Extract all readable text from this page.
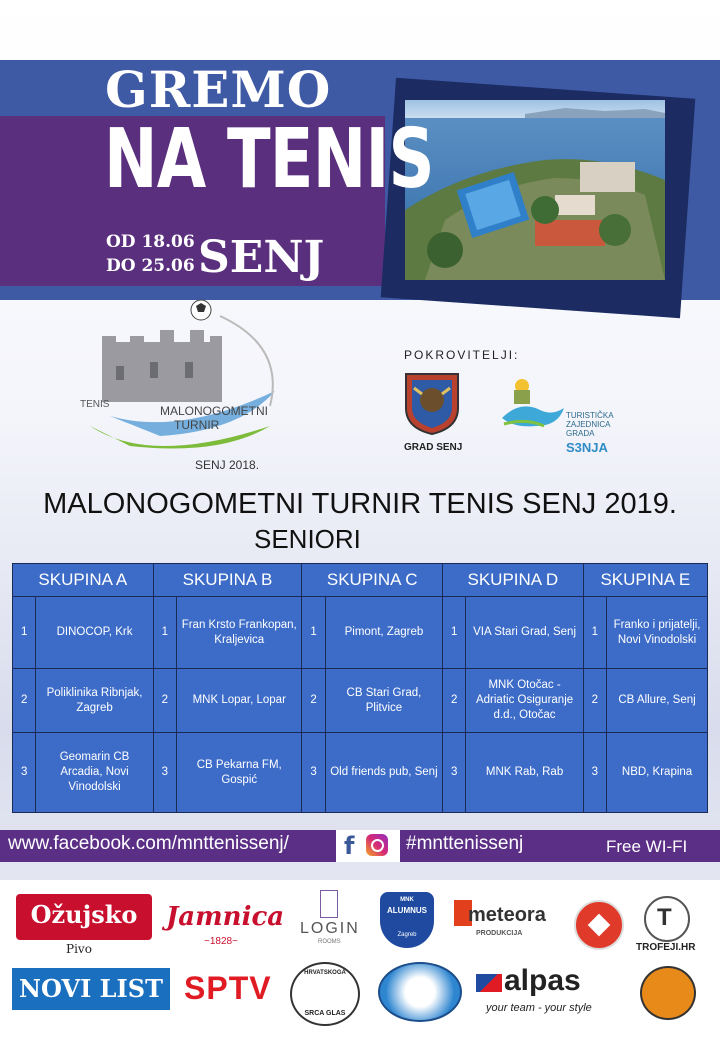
GREMO
NA TENIS
OD 18.06
DO 25.06 SENJ
TENIS	MALONOGOMETNI
TURNIR
SENJ 2018.
POKROVITELJI:
GRAD SENJ
TURISTIČKA
ZAJEDNICA
GRADA
S3NJA
MALONOGOMETNI TURNIR TENIS SENJ 2019.
SENIORI
SKUPINA A		SKUPINA B		SKUPINA C		SKUPINA D		SKUPINA E	
1	DINOCOP, Krk	1	Fran Krsto Frankopan, Kraljevica	1	Pimont, Zagreb	1	VIA Stari Grad, Senj	1	Franko i prijatelji, Novi Vinodolski
2	Poliklinika Ribnjak, Zagreb	2	MNK Lopar, Lopar	2	CB Stari Grad, Plitvice	2	MNK Otočac - Adriatic Osiguranje d.d., Otočac	2	CB Allure, Senj
3	Geomarin CB Arcadia, Novi Vinodolski	3	CB Pekarna FM, Gospić	3	Old friends pub, Senj	3	MNK Rab, Rab	3	NBD, Krapina
www.facebook.com/mnttenissenj/ f	#mnttenissenj	Free WI-FI
Ožujsko
Pivo
Jamnica
~1828~
LOGIN
ROOMS
MNK
ALUMNUS
Zagreb
meteora
PRODUKCIJA
T
TROFEJI.HR
NOVI LIST SPTV	HRVATSKOGA
SRCA GLAS
alpas
your team - your style
